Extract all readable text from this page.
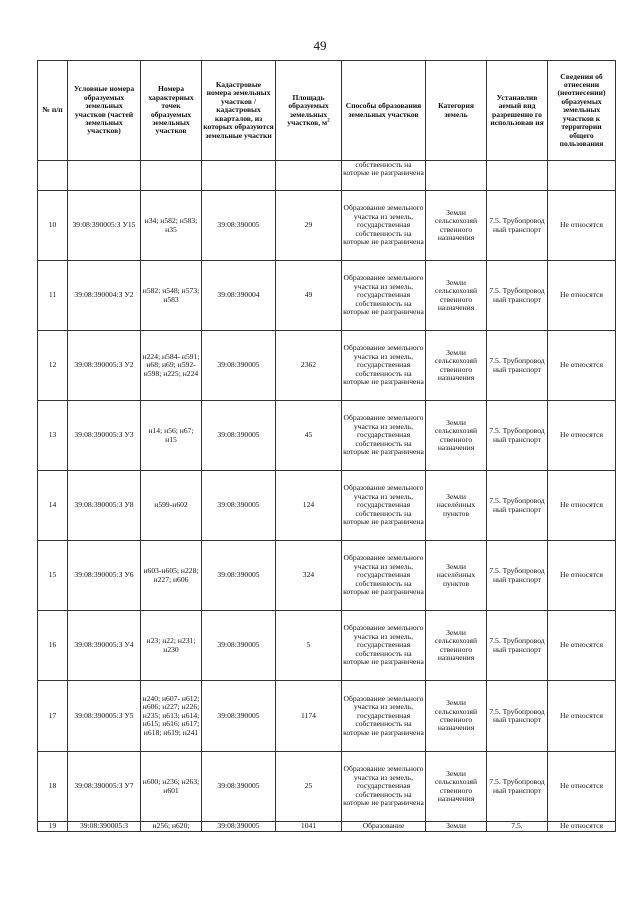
49
№ п/п	Условные номера образуемых земельных участков (частей земельных участков)	Номера характерных точек образуемых земельных участков	Кадастровые номера земельных участков / кадастровых кварталов, из которых образуются земельные участки	Площадь образуемых земельных участков, $м^2$	Способы образования земельных участков	Категория земель	Устанавлив аемый вид разрешенно го использован ия	Сведения об отнесении (неотнесении) образуемых земельных участков к территории общего пользования
					собственность на которые не разграничена			
10	39:08:390005:З У15	н34; н582; н583; н35	39:08:390005	29	Образование земельного участка из земель, государственная собственность на которые не разграничена	Земли сельскохозяй ственного назначения	7.5. Трубопровод ный транспорт	Не относятся
11	39:08:390004:З У2	н582; н548; н573; н583	39:08:390004	49	Образование земельного участка из земель, государственная собственность на которые не разграничена	Земли сельскохозяй ственного назначения	7.5. Трубопровод ный транспорт	Не относятся
12	39:08:390005:З У2	н224; н584- н591; н68; н69; н592- н598; н225; н224	39:08:390005	2362	Образование земельного участка из земель, государственная собственность на которые не разграничена	Земли сельскохозяй ственного назначения	7.5. Трубопровод ный транспорт	Не относятся
13	39:08:390005:З У3	н14; н56; н67; н15	39:08:390005	45	Образование земельного участка из земель, государственная собственность на которые не разграничена	Земли сельскохозяй ственного назначения	7.5. Трубопровод ный транспорт	Не относятся
14	39:08:390005:З У8	н599-н602	39:08:390005	124	Образование земельного участка из земель, государственная собственность на которые не разграничена	Земли населённых пунктов	7.5. Трубопровод ный транспорт	Не относятся
15	39:08:390005:З У6	н603-н605; н228; н227; н606	39:08:390005	324	Образование земельного участка из земель, государственная собственность на которые не разграничена	Земли населённых пунктов	7.5. Трубопровод ный транспорт	Не относятся
16	39:08:390005:З У4	н23; н22; н231; н230	39:08:390005	5	Образование земельного участка из земель, государственная собственность на которые не разграничена	Земли сельскохозяй ственного назначения	7.5. Трубопровод ный транспорт	Не относятся
17	39:08:390005:З У5	н240; н607- н612; н606; н227; н226; н235; н613; н614; н615; н616; н617; н618; н619; н241	39:08:390005	1174	Образование земельного участка из земель, государственная собственность на которые не разграничена	Земли сельскохозяй ственного назначения	7.5. Трубопровод ный транспорт	Не относятся
18	39:08:390005:З У7	н600; н236; н263; н601	39:08:390005	25	Образование земельного участка из земель, государственная собственность на которые не разграничена	Земли сельскохозяй ственного назначения	7.5. Трубопровод ный транспорт	Не относятся
19	39:08:390005:З	н256; н620;	39:08:390005	1041	Образование	Земли	7.5.	Не относятся
